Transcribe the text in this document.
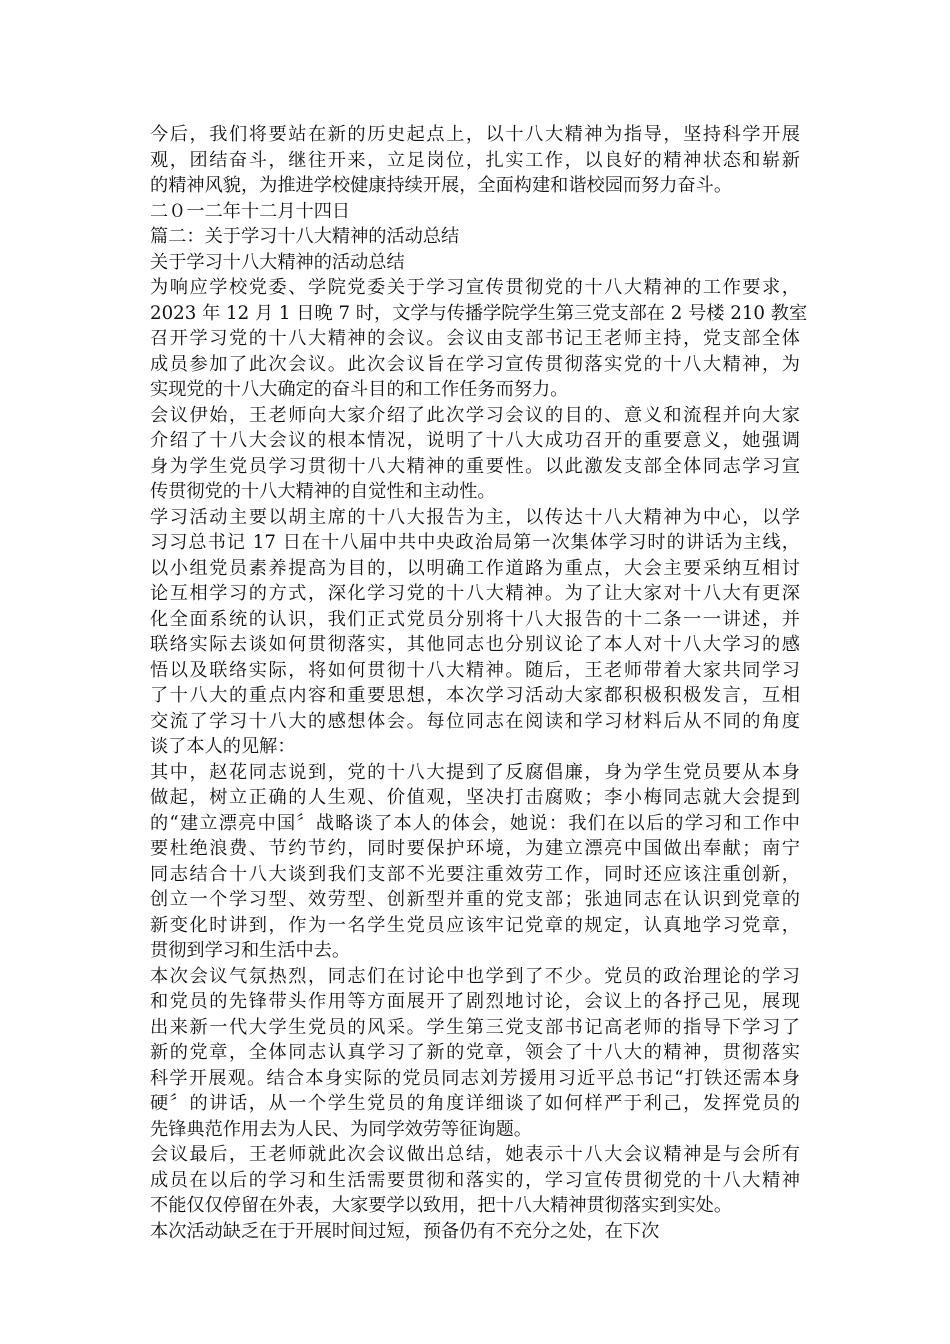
今后，我们将要站在新的历史起点上，以十八大精神为指导，坚持科学开展

观，团结奋斗，继往开来，立足岗位，扎实工作，以良好的精神状态和崭新

的精神风貌，为推进学校健康持续开展，全面构建和谐校园而努力奋斗。

二０一二年十二月十四日

篇二：关于学习十八大精神的活动总结

关于学习十八大精神的活动总结

为响应学校党委、学院党委关于学习宣传贯彻党的十八大精神的工作要求，

2023 年 12 月 1 日晚 7 时，文学与传播学院学生第三党支部在 2 号楼 210 教室

召开学习党的十八大精神的会议。会议由支部书记王老师主持，党支部全体

成员参加了此次会议。此次会议旨在学习宣传贯彻落实党的十八大精神，为

实现党的十八大确定的奋斗目的和工作任务而努力。

会议伊始，王老师向大家介绍了此次学习会议的目的、意义和流程并向大家

介绍了十八大会议的根本情况，说明了十八大成功召开的重要意义，她强调

身为学生党员学习贯彻十八大精神的重要性。以此激发支部全体同志学习宣

传贯彻党的十八大精神的自觉性和主动性。

学习活动主要以胡主席的十八大报告为主，以传达十八大精神为中心，以学

习习总书记 17 日在十八届中共中央政治局第一次集体学习时的讲话为主线，

以小组党员素养提高为目的，以明确工作道路为重点，大会主要采纳互相讨

论互相学习的方式，深化学习党的十八大精神。为了让大家对十八大有更深

化全面系统的认识，我们正式党员分别将十八大报告的十二条一一讲述，并

联络实际去谈如何贯彻落实，其他同志也分别议论了本人对十八大学习的感

悟以及联络实际，将如何贯彻十八大精神。随后，王老师带着大家共同学习

了十八大的重点内容和重要思想，本次学习活动大家都积极积极发言，互相

交流了学习十八大的感想体会。每位同志在阅读和学习材料后从不同的角度

谈了本人的见解：

其中，赵花同志说到，党的十八大提到了反腐倡廉，身为学生党员要从本身

做起，树立正确的人生观、价值观，坚决打击腐败；李小梅同志就大会提到

的“建立漂亮中国〞战略谈了本人的体会，她说：我们在以后的学习和工作中

要杜绝浪费、节约节约，同时要保护环境，为建立漂亮中国做出奉献；南宁

同志结合十八大谈到我们支部不光要注重效劳工作，同时还应该注重创新，

创立一个学习型、效劳型、创新型并重的党支部；张迪同志在认识到党章的

新变化时讲到，作为一名学生党员应该牢记党章的规定，认真地学习党章，

贯彻到学习和生活中去。

本次会议气氛热烈，同志们在讨论中也学到了不少。党员的政治理论的学习

和党员的先锋带头作用等方面展开了剧烈地讨论，会议上的各抒己见，展现

出来新一代大学生党员的风采。学生第三党支部书记高老师的指导下学习了

新的党章，全体同志认真学习了新的党章，领会了十八大的精神，贯彻落实

科学开展观。结合本身实际的党员同志刘芳援用习近平总书记“打铁还需本身

硬〞的讲话，从一个学生党员的角度详细谈了如何样严于利己，发挥党员的

先锋典范作用去为人民、为同学效劳等征询题。

会议最后，王老师就此次会议做出总结，她表示十八大会议精神是与会所有

成员在以后的学习和生活需要贯彻和落实的，学习宣传贯彻党的十八大精神

不能仅仅停留在外表，大家要学以致用，把十八大精神贯彻落实到实处。

本次活动缺乏在于开展时间过短，预备仍有不充分之处，在下次
